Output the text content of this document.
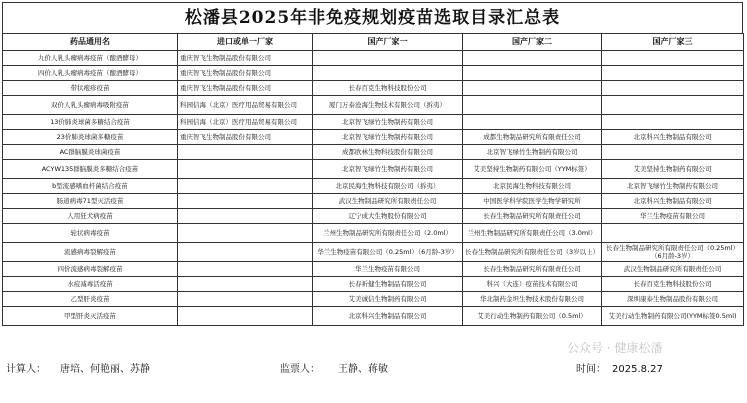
松潘县2025年非免疫规划疫苗选取目录汇总表
药品通用名	进口或单一厂家	国产厂家一	国产厂家二	国产厂家三
九价人乳头瘤病毒疫苗（酿酒酵母）	重庆智飞生物制品股份有限公司			
四价人乳头瘤病毒疫苗（酿酒酵母）	重庆智飞生物制品股份有限公司			
带状疱疹疫苗	重庆智飞生物制品股份有限公司	长春百克生物科技股份公司		
双价人乳头瘤病毒吸附疫苗	科园信海（北京）医疗用品贸易有限公司	厦门万泰沧海生物技术有限公司（拆夷）		
13价肺炎球菌多糖结合疫苗	科园信海（北京）医疗用品贸易有限公司	北京智飞绿竹生物制药有限公司		
23价肺炎球菌多糖疫苗	重庆智飞生物制品股份有限公司	北京智飞绿竹生物制药有限公司	成都生物制品研究所有限责任公司	北京科兴生物制品有限公司
AC群脑膜炎球菌疫苗		成都欧林生物科技股份有限公司	北京智飞绿竹生物制药有限公司	
ACYW135群脑膜炎多糖结合疫苗		北京智飞绿竹生物制药有限公司	艾美坚持生物制药有限公司（YYM标签）	艾美坚持生物制药有限公司
b型流感嗜血杆菌结合疫苗		北京民海生物科技有限公司（拆夷）	北京民海生物科技有限公司	北京智飞绿竹生物制药有限公司
肠道病毒71型灭活疫苗		武汉生物制品研究所有限责任公司	中国医学科学院医学生物学研究所	北京科兴生物制品有限公司
人用狂犬病疫苗		辽宁成大生物股份有限公司	长春生物制品研究所有限责任公司	华兰生物疫苗有限公司
轮状病毒疫苗		兰州生物制品研究所有限责任公司（2.0ml）	兰州生物制品研究所有限责任公司（3.0ml）	
流感病毒裂解疫苗		华兰生物疫苗有限公司（0.25ml）（6月龄-3岁）	长春生物制品研究所有限责任公司（3岁以上）	长春生物制品研究所有限责任公司（0.25ml）（6月龄-3岁）
四价流感病毒裂解疫苗		华兰生物疫苗有限公司	长春生物制品研究所有限责任公司	武汉生物制品研究所有限责任公司
水痘减毒活疫苗		长春祈健生物制品有限公司	科兴（大连）疫苗技术有限公司	长春百克生物科技股份公司
乙型肝炎疫苗		艾美诚信生物制药有限公司	华北制药金坦生物技术股份有限公司	深圳康泰生物制品股份有限公司
甲型肝炎灭活疫苗		北京科兴生物制品有限公司	艾美行动生物制药有限公司（0.5ml）	艾美行动生物制药有限公司(YYM标签0.5ml)
计算人： 唐培、何艳丽、苏静	监票人： 王静、蒋敏	时间： 2025.8.27
公众号 · 健康松潘
